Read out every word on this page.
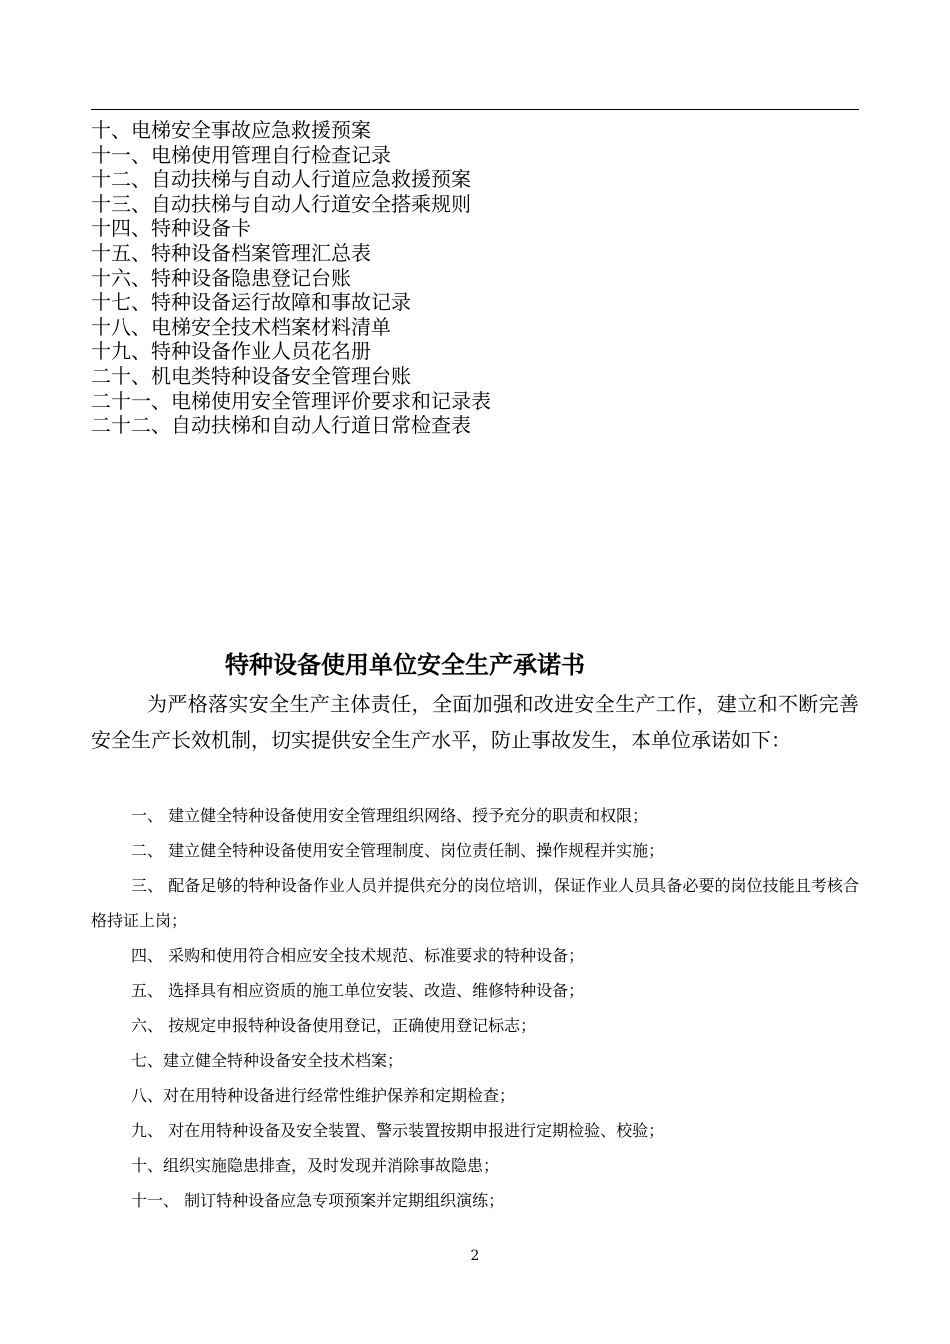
十、电梯安全事故应急救援预案
十一、电梯使用管理自行检查记录
十二、自动扶梯与自动人行道应急救援预案
十三、自动扶梯与自动人行道安全搭乘规则
十四、特种设备卡
十五、特种设备档案管理汇总表
十六、特种设备隐患登记台账
十七、特种设备运行故障和事故记录
十八、电梯安全技术档案材料清单
十九、特种设备作业人员花名册
二十、机电类特种设备安全管理台账
二十一、电梯使用安全管理评价要求和记录表
二十二、自动扶梯和自动人行道日常检查表
特种设备使用单位安全生产承诺书

为严格落实安全生产主体责任，全面加强和改进安全生产工作，建立和不断完善安全生产长效机制，切实提供安全生产水平，防止事故发生，本单位承诺如下：

一、 建立健全特种设备使用安全管理组织网络、授予充分的职责和权限；
二、 建立健全特种设备使用安全管理制度、岗位责任制、操作规程并实施；
三、 配备足够的特种设备作业人员并提供充分的岗位培训，保证作业人员具备必要的岗位技能且考核合格持证上岗；
四、 采购和使用符合相应安全技术规范、标准要求的特种设备；
五、 选择具有相应资质的施工单位安装、改造、维修特种设备；
六、 按规定申报特种设备使用登记，正确使用登记标志；
七、建立健全特种设备安全技术档案；
八、对在用特种设备进行经常性维护保养和定期检查；
九、 对在用特种设备及安全装置、警示装置按期申报进行定期检验、校验；
十、组织实施隐患排查，及时发现并消除事故隐患；
十一、 制订特种设备应急专项预案并定期组织演练；
2
